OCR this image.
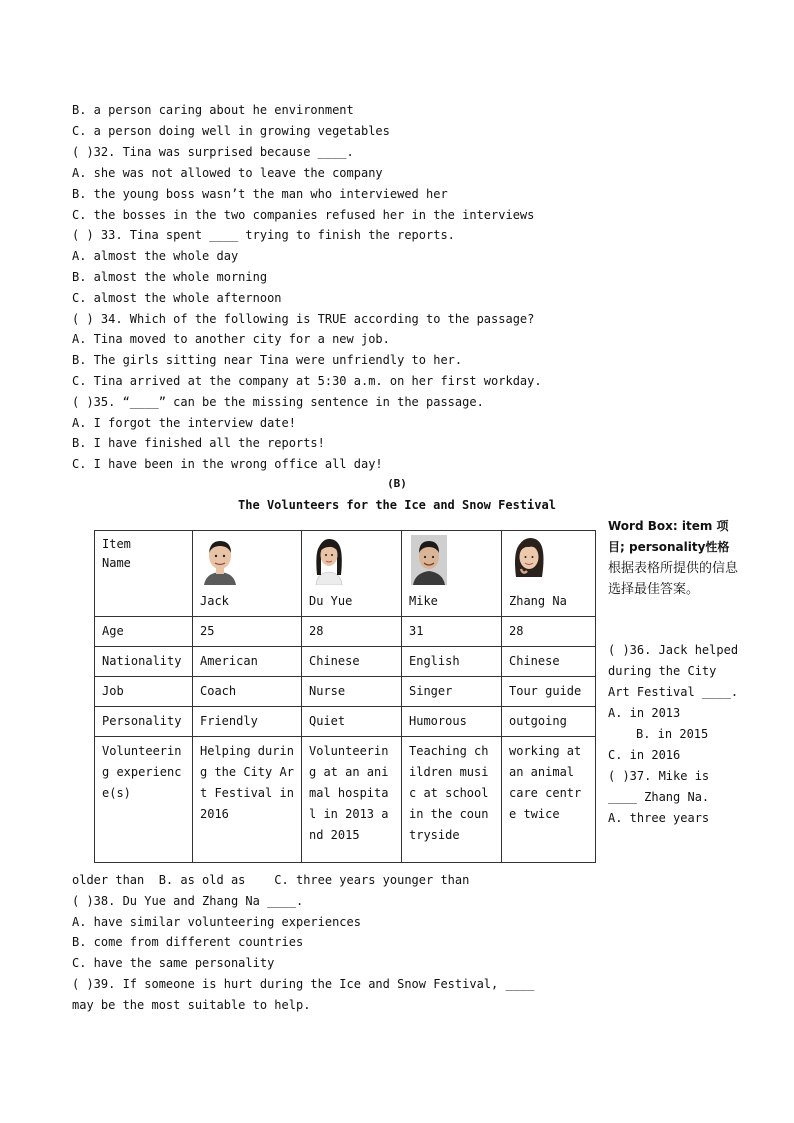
B. a person caring about he environment
C. a person doing well in growing vegetables
( )32. Tina was surprised because ____.
A. she was not allowed to leave the company
B. the young boss wasn’t the man who interviewed her
C. the bosses in the two companies refused her in the interviews
( ) 33. Tina spent ____ trying to finish the reports.
A. almost the whole day
B. almost the whole morning
C. almost the whole afternoon
( ) 34. Which of the following is TRUE according to the passage?
A. Tina moved to another city for a new job.
B. The girls sitting near Tina were unfriendly to her.
C. Tina arrived at the company at 5:30 a.m. on her first workday.
( )35. “____” can be the missing sentence in the passage.
A. I forgot the interview date!
B. I have finished all the reports!
C. I have been in the wrong office all day!
(B)
The Volunteers for the Ice and Snow Festival
Item
Name	Jack	Du Yue	Mike	Zhang Na
Age	25	28	31	28
Nationality	American	Chinese	English	Chinese
Job	Coach	Nurse	Singer	Tour guide
Personality	Friendly	Quiet	Humorous	outgoing
Volunteering experience(s)	Helping during the City Art Festival in 2016	Volunteering at an animal hospital in 2013 and 2015	Teaching children music at school in the countryside	working at an animal care centre twice
Word Box: item 项目; personality性格
根据表格所提供的信息选择最佳答案。
( )36. Jack helped during the City Art Festival ____.
A. in 2013
B. in 2015
C. in 2016
( )37. Mike is ____ Zhang Na.
A. three years
older than  B. as old as    C. three years younger than
( )38. Du Yue and Zhang Na ____.
A. have similar volunteering experiences
B. come from different countries
C. have the same personality
( )39. If someone is hurt during the Ice and Snow Festival, ____
may be the most suitable to help.
